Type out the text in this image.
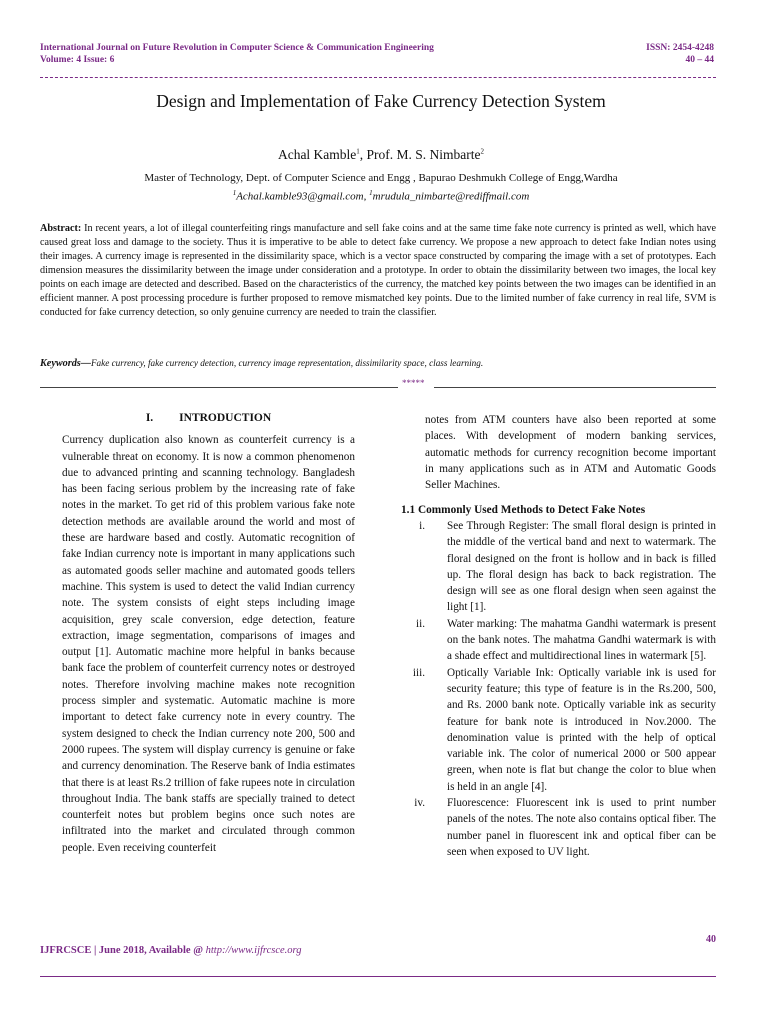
International Journal on Future Revolution in Computer Science & Communication Engineering
Volume: 4 Issue: 6
ISSN: 2454-4248
40 – 44
Design and Implementation of Fake Currency Detection System
Achal Kamble$^1$, Prof. M. S. Nimbarte$^2$
Master of Technology, Dept. of Computer Science and Engg , Bapurao Deshmukh College of Engg,Wardha
$^1$Achal.kamble93@gmail.com, $^1$mrudula_nimbarte@rediffmail.com
Abstract: In recent years, a lot of illegal counterfeiting rings manufacture and sell fake coins and at the same time fake note currency is printed as well, which have caused great loss and damage to the society. Thus it is imperative to be able to detect fake currency. We propose a new approach to detect fake Indian notes using their images. A currency image is represented in the dissimilarity space, which is a vector space constructed by comparing the image with a set of prototypes. Each dimension measures the dissimilarity between the image under consideration and a prototype. In order to obtain the dissimilarity between two images, the local key points on each image are detected and described. Based on the characteristics of the currency, the matched key points between the two images can be identified in an efficient manner. A post processing procedure is further proposed to remove mismatched key points. Due to the limited number of fake currency in real life, SVM is conducted for fake currency detection, so only genuine currency are needed to train the classifier.
Keywords—Fake currency, fake currency detection, currency image representation, dissimilarity space, class learning.
*****
I. INTRODUCTION

Currency duplication also known as counterfeit currency is a vulnerable threat on economy. It is now a common phenomenon due to advanced printing and scanning technology. Bangladesh has been facing serious problem by the increasing rate of fake notes in the market. To get rid of this problem various fake note detection methods are available around the world and most of these are hardware based and costly. Automatic recognition of fake Indian currency note is important in many applications such as automated goods seller machine and automated goods tellers machine. This system is used to detect the valid Indian currency note. The system consists of eight steps including image acquisition, grey scale conversion, edge detection, feature extraction, image segmentation, comparisons of images and output [1]. Automatic machine more helpful in banks because bank face the problem of counterfeit currency notes or destroyed notes. Therefore involving machine makes note recognition process simpler and systematic. Automatic machine is more important to detect fake currency note in every country. The system designed to check the Indian currency note 200, 500 and 2000 rupees. The system will display currency is genuine or fake and currency denomination. The Reserve bank of India estimates that there is at least Rs.2 trillion of fake rupees note in circulation throughout India. The bank staffs are specially trained to detect counterfeit notes but problem begins once such notes are infiltrated into the market and circulated through common people. Even receiving counterfeit

notes from ATM counters have also been reported at some places. With development of modern banking services, automatic methods for currency recognition become important in many applications such as in ATM and Automatic Goods Seller Machines.

1.1 Commonly Used Methods to Detect Fake Notes
i.	See Through Register: The small floral design is printed in the middle of the vertical band and next to watermark. The floral designed on the front is hollow and in back is filled up. The floral design has back to back registration. The design will see as one floral design when seen against the light [1].
ii.	Water marking: The mahatma Gandhi watermark is present on the bank notes. The mahatma Gandhi watermark is with a shade effect and multidirectional lines in watermark [5].
iii.	Optically Variable Ink: Optically variable ink is used for security feature; this type of feature is in the Rs.200, 500, and Rs. 2000 bank note. Optically variable ink as security feature for bank note is introduced in Nov.2000. The denomination value is printed with the help of optical variable ink. The color of numerical 2000 or 500 appear green, when note is flat but change the color to blue when is held in an angle [4].
iv.	Fluorescence: Fluorescent ink is used to print number panels of the notes. The note also contains optical fiber. The number panel in fluorescent ink and optical fiber can be seen when exposed to UV light.
40
IJFRCSCE | June 2018, Available @ http://www.ijfrcsce.org
